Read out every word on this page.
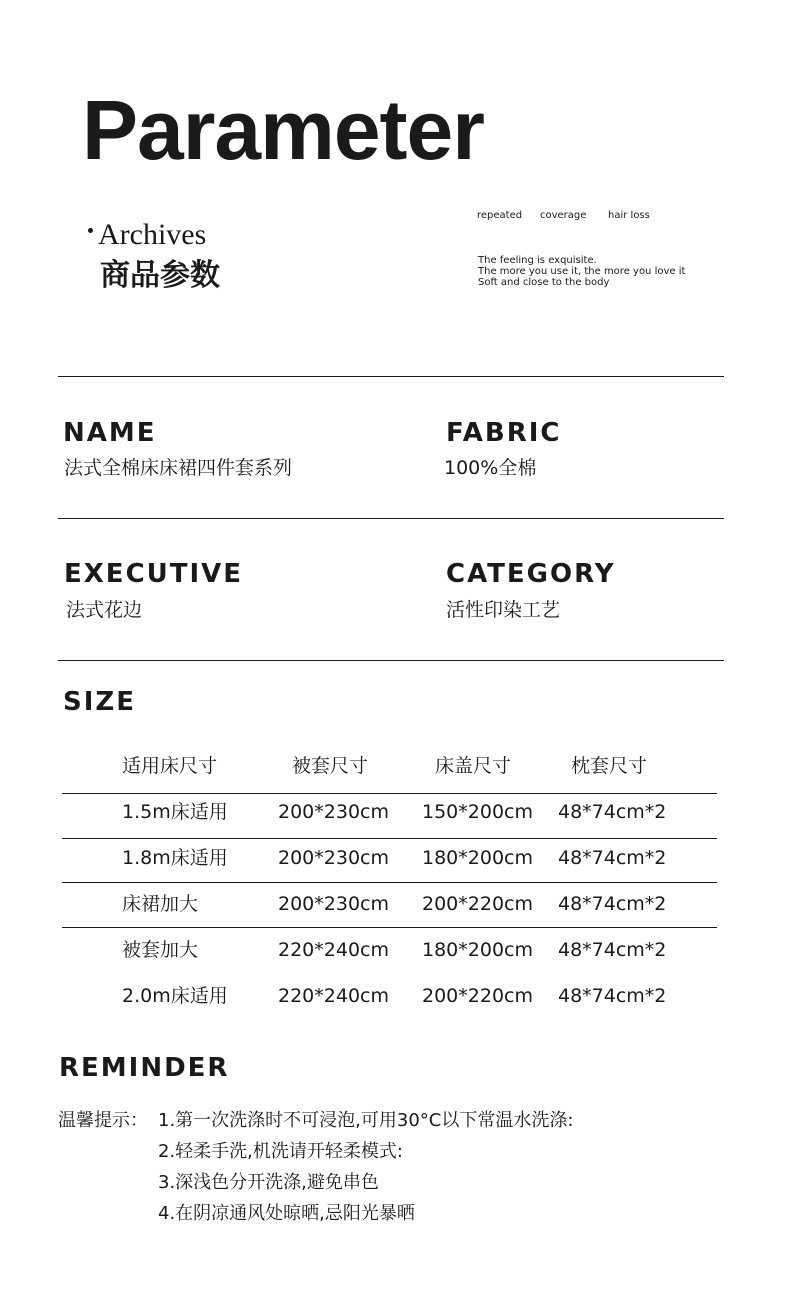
Parameter
Archives
商品参数
repeated coverage hair loss
The feeling is exquisite.
The more you use it, the more you love it
Soft and close to the body
NAME
法式全棉床床裙四件套系列
FABRIC
100%全棉
EXECUTIVE
法式花边
CATEGORY
活性印染工艺
SIZE
适用床尺寸	被套尺寸	床盖尺寸	枕套尺寸
1.5m床适用	200*230cm 150*200cm 48*74cm*2
1.8m床适用	200*230cm 180*200cm 48*74cm*2
床裙加大	200*230cm 200*220cm 48*74cm*2
被套加大	220*240cm 180*200cm 48*74cm*2
2.0m床适用	220*240cm 200*220cm 48*74cm*2
REMINDER
温馨提示： 1.第一次洗涤时不可浸泡,可用30°C以下常温水洗涤:
2.轻柔手洗,机洗请开轻柔模式:
3.深浅色分开洗涤,避免串色
4.在阴凉通风处晾晒,忌阳光暴晒
